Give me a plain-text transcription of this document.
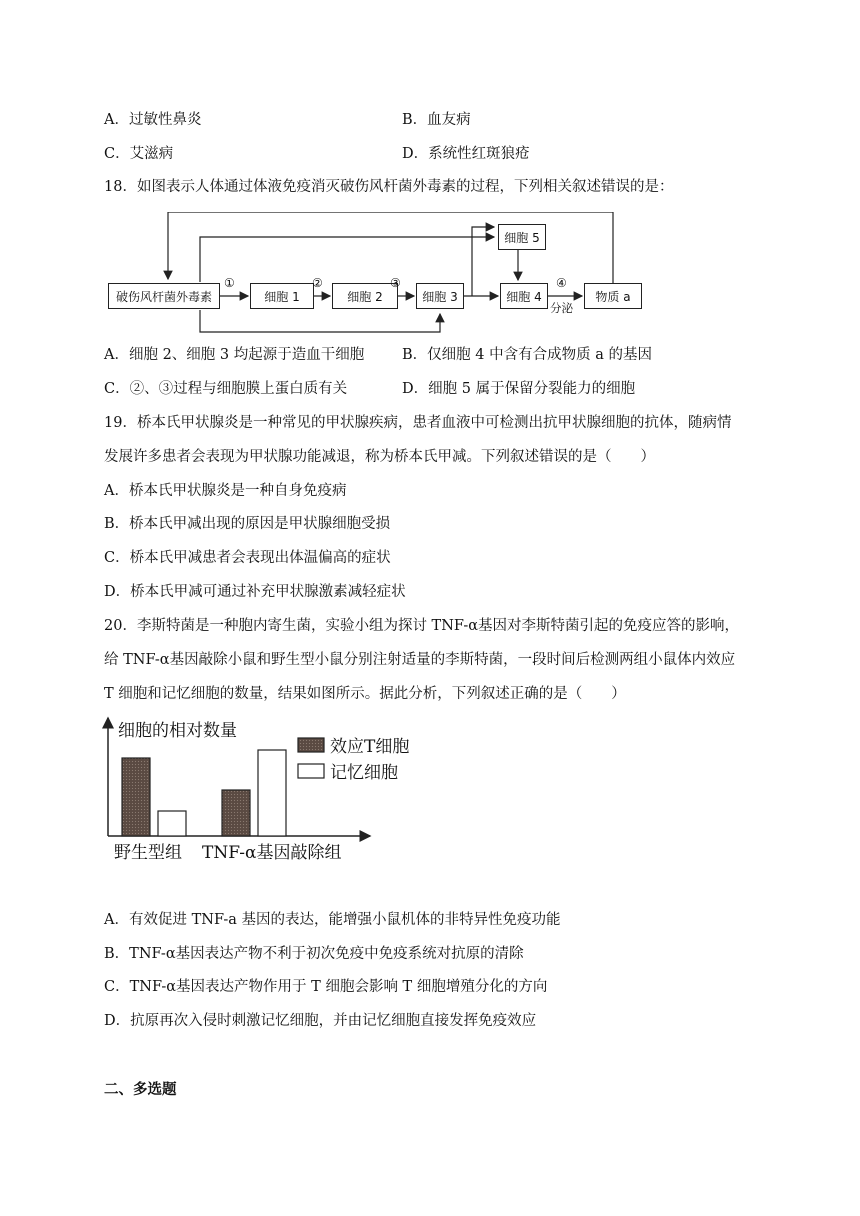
A．过敏性鼻炎	B．血友病
C．艾滋病	D．系统性红斑狼疮
18．如图表示人体通过体液免疫消灭破伤风杆菌外毒素的过程，下列相关叙述错误的是：
破伤风杆菌外毒素	细胞 1	细胞 2	细胞 3
细胞 5
细胞 4	物质 a
①	②	③	④
分泌
A．细胞 2、细胞 3 均起源于造血干细胞	B．仅细胞 4 中含有合成物质 a 的基因
C．②、③过程与细胞膜上蛋白质有关	D．细胞 5 属于保留分裂能力的细胞
19．桥本氏甲状腺炎是一种常见的甲状腺疾病，患者血液中可检测出抗甲状腺细胞的抗体，随病情
发展许多患者会表现为甲状腺功能减退，称为桥本氏甲减。下列叙述错误的是（　　）
A．桥本氏甲状腺炎是一种自身免疫病
B．桥本氏甲减出现的原因是甲状腺细胞受损
C．桥本氏甲减患者会表现出体温偏高的症状
D．桥本氏甲减可通过补充甲状腺激素减轻症状
20．李斯特菌是一种胞内寄生菌，实验小组为探讨 TNF-α基因对李斯特菌引起的免疫应答的影响，
给 TNF-α基因敲除小鼠和野生型小鼠分别注射适量的李斯特菌，一段时间后检测两组小鼠体内效应
T 细胞和记忆细胞的数量，结果如图所示。据此分析，下列叙述正确的是（　　）
细胞的相对数量
野生型组 TNF-α基因敲除组
效应T细胞
记忆细胞
A．有效促进 TNF-a 基因的表达，能增强小鼠机体的非特异性免疫功能
B．TNF-α基因表达产物不利于初次免疫中免疫系统对抗原的清除
C．TNF-α基因表达产物作用于 T 细胞会影响 T 细胞增殖分化的方向
D．抗原再次入侵时刺激记忆细胞，并由记忆细胞直接发挥免疫效应
二、多选题
